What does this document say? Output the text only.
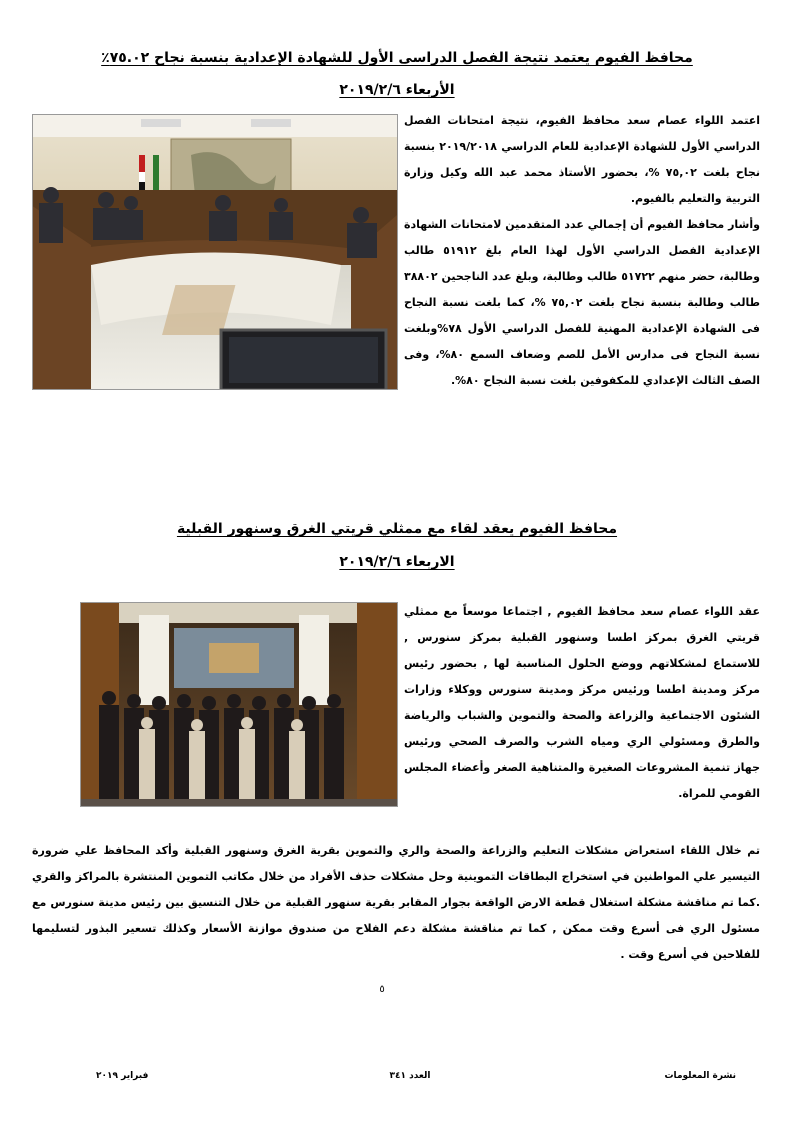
محافظ الفيوم يعتمد نتيجة الفصل الدراسى الأول للشهادة الإعدادية بنسبة نجاح ٧٥.٠٢٪
الأربعاء ٢٠١٩/٢/٦

اعتمد اللواء عصام سعد محافظ الفيوم، نتيجة امتحانات الفصل الدراسي الأول للشهادة الإعدادية للعام الدراسي ٢٠١٩/٢٠١٨ بنسبة نجاح بلغت ٧٥,٠٢ %، بحضور الأستاذ محمد عبد الله وكيل وزارة التربية والتعليم بالفيوم.

وأشار محافظ الفيوم أن إجمالي عدد المتقدمين لامتحانات الشهادة الإعدادية الفصل الدراسي الأول لهذا العام بلغ ٥١٩١٢ طالب وطالبة، حضر منهم ٥١٧٢٢ طالب وطالبة، وبلغ عدد الناجحين ٣٨٨٠٢ طالب وطالبة بنسبة نجاح بلغت ٧٥,٠٢ %، كما بلغت نسبة النجاح فى الشهادة الإعدادية المهنية للفصل الدراسي الأول ٧٨%وبلغت نسبة النجاح فى مدارس الأمل للصم وضعاف السمع ٨٠%، وفى الصف الثالث الإعدادي للمكفوفين بلغت نسبة النجاح ٨٠%.

محافظ الفيوم يعقد لقاء مع ممثلي قريتي الغرق وسنهور القبلية
الاربعاء ٢٠١٩/٢/٦

عقد اللواء عصام سعد محافظ الفيوم , اجتماعا موسعاً مع ممثلي قريتي الغرق بمركز اطسا وسنهور القبلية بمركز سنورس , للاستماع لمشكلاتهم ووضع الحلول المناسبة لها , بحضور رئيس مركز ومدينة اطسا ورئيس مركز ومدينة سنورس ووكلاء وزارات الشئون الاجتماعية والزراعة والصحة والتموين والشباب والرياضة والطرق ومسئولي الري ومياه الشرب والصرف الصحي ورئيس جهاز تنمية المشروعات الصغيرة والمتناهية الصغر وأعضاء المجلس القومي للمراة.

تم خلال اللقاء استعراض مشكلات التعليم والزراعة والصحة والري والتموين بقرية الغرق وسنهور القبلية وأكد المحافظ علي ضرورة التيسير علي المواطنين في استخراج البطاقات التموينية وحل مشكلات حذف الأفراد من خلال مكاتب التموين المنتشرة بالمراكز والقري .كما تم مناقشة مشكلة استغلال قطعة الارض الواقعة بجوار المقابر بقرية سنهور القبلية من خلال التنسيق بين رئيس مدينة سنورس مع مسئول الري فى أسرع وقت ممكن , كما تم مناقشة مشكلة دعم الفلاح من صندوق موازنة الأسعار وكذلك تسعير البذور لتسليمها للفلاحين في أسرع وقت .

٥
نشرة المعلومات
العدد ٣٤١
فبراير ٢٠١٩
